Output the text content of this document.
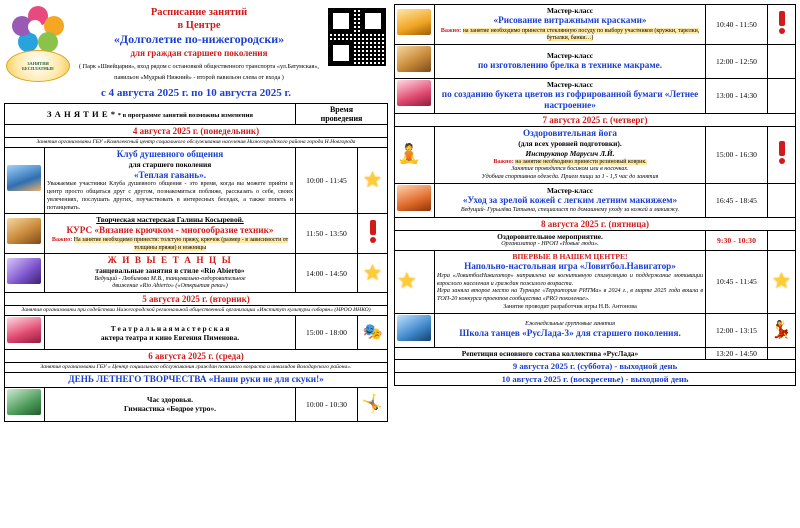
ЗАНЯТИЯ
БЕСПЛАТНЫЕ
Расписание занятий
в Центре
«Долголетие по-нижегородски»
для граждан старшего поколения
( Парк «Швейцария», вход рядом с остановкой общественного транспорта «ул.Батумская»,
павильон «Мудрый Нижний» - второй павильон слева от входа )
с 4 августа 2025 г. по 10 августа 2025 г.
З А Н Я Т И Е * * в программе занятий возможны изменения		Время
проведения	

4 августа 2025 г. (понедельник)			
Занятия организованы ГБУ «Комплексный центр социального обслуживания населения Нижегородского района города Н.Новгорода			

	Клуб душевного общения
для старшего поколения
«Теплая гавань».
Уважаемые участники Клуба душевного общения - это время, когда вы можете прийти в центр просто общаться друг с другом, познакомиться поближе, рассказать о себе, своих увлечениях, послушать других, поучаствовать в интересных беседах, а также попеть и потанцевать.	10:00 - 11:45	★

	Творческая мастерская Галины Косыревой.
КУРС «Вязание крючком - многообразие техник»
Важно: На занятие необходимо принести: толстую пряжу, крючок (размер - в зависимости от толщины пряжи) и ножницы	11:50 - 13:50	

	Ж И В Ы Е Т А Н Ц Ы
танцевальные занятия в стиле «Rio Abierto»
Ведущий - Любимова М.В., танцевально-оздоровительное
движение «Rio Abierto» («Открытая река»)	14:00 - 14:50	★
5 августа 2025 г. (вторник)			
Занятия организованы при содействии Нижегородской региональной общественной организации «Институт культуры соборян» (НРОО ИНКО)			

	Т е а т р а л ь н а я м а с т е р с к а я
актера театра и кино Евгения Пименова.	15:00 - 18:00	🎭
6 августа 2025 г. (среда)			
Занятия организованы ГБУ « Центр социального обслуживания граждан пожилого возраста и инвалидов Володарского района».			

ДЕНЬ ЛЕТНЕГО ТВОРЧЕСТВА «Наши руки не для скуки!»			

	Час здоровья.
Гимнастика «Бодрое утро».	10:00 - 10:30	🤸

	Мастер-класс
«Рисование витражными красками»
Важно: на занятие необходимо принести стеклянную посуду по выбору участников (кружки, тарелки, бутылки, банки…)	10:40 - 11:50	

	Мастер-класс
по изготовлению брелка в технике макраме.	12:00 - 12:50	

	Мастер-класс
по созданию букета цветов из гофрированной бумаги «Летнее настроение»	13:00 - 14:30	
7 августа 2025 г. (четверг)			
🧘	
Оздоровительная йога
(для всех уровней подготовки).
Инструктор Марусич Л.Й.
Важно: на занятие необходимо принести резиновый коврик.
Занятие проводится босиком или в носочках.
Удобная спортивная одежда. Прием пищи за 1 - 1,5 час до занятия
	15:00 - 16:30	

	Мастер-класс
«Уход за зрелой кожей с легким летним макияжем»
Ведущий- Гурылёва Татьяна, специалист по домашнему уходу за кожей и макияжу.	16:45 - 18:45	
8 августа 2025 г. (пятница)			

Оздоровительное мероприятие.
Организатор - НРОП «Новые люди».		9:30 - 10:30	
★	ВПЕРВЫЕ В НАШЕМ ЦЕНТРЕ!
Напольно-настольная игра «Ловитбол.Навигатор»
Игра «ЛовитболНавигатор» направлена на когнитивную стимуляцию и поддержание мотивации взрослого населения и граждан пожилого возраста.
Игра заняла второе место на Турнире «Территория РИТМа» в 2024 г., в марте 2025 года вошла в ТОП-20 конкурса проектов сообщества «PRO поколение».
Занятие проводит разработчик игры Н.В. Антонова	10:45 - 11:45	★

	Еженедельные групповые занятия
Школа танцев «РусЛада-3» для старшего поколения.	12:00 - 13:15	💃

Репетиция основного состава коллектива «РусЛада»		13:20 - 14:50	
9 августа 2025 г. (суббота) - выходной день			
10 августа 2025 г. (воскресенье) - выходной день			
